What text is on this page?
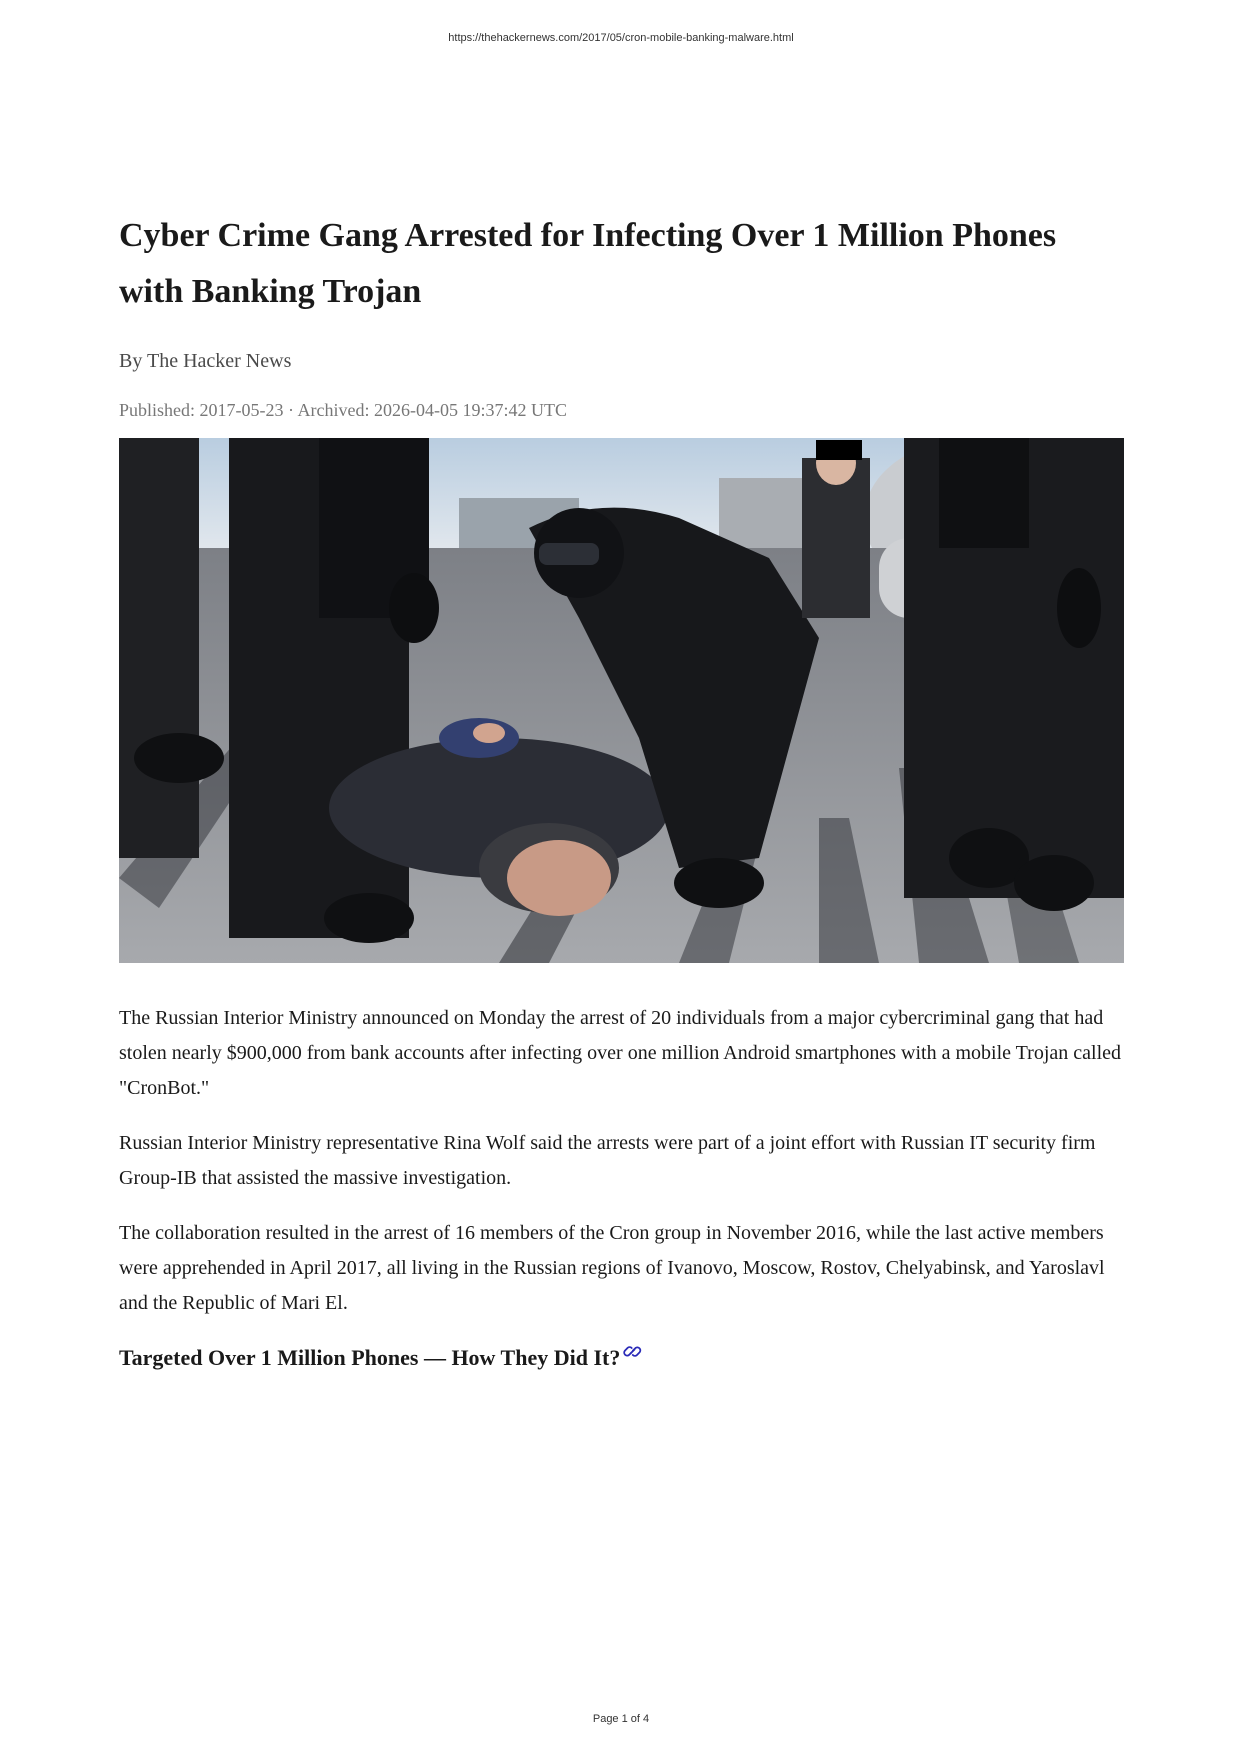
https://thehackernews.com/2017/05/cron-mobile-banking-malware.html
Cyber Crime Gang Arrested for Infecting Over 1 Million Phones with Banking Trojan
By The Hacker News
Published: 2017-05-23 · Archived: 2026-04-05 19:37:42 UTC

The Russian Interior Ministry announced on Monday the arrest of 20 individuals from a major cybercriminal gang that had stolen nearly $900,000 from bank accounts after infecting over one million Android smartphones with a mobile Trojan called "CronBot."

Russian Interior Ministry representative Rina Wolf said the arrests were part of a joint effort with Russian IT security firm Group-IB that assisted the massive investigation.

The collaboration resulted in the arrest of 16 members of the Cron group in November 2016, while the last active members were apprehended in April 2017, all living in the Russian regions of Ivanovo, Moscow, Rostov, Chelyabinsk, and Yaroslavl and the Republic of Mari El.

Targeted Over 1 Million Phones — How They Did It?
Page 1 of 4
